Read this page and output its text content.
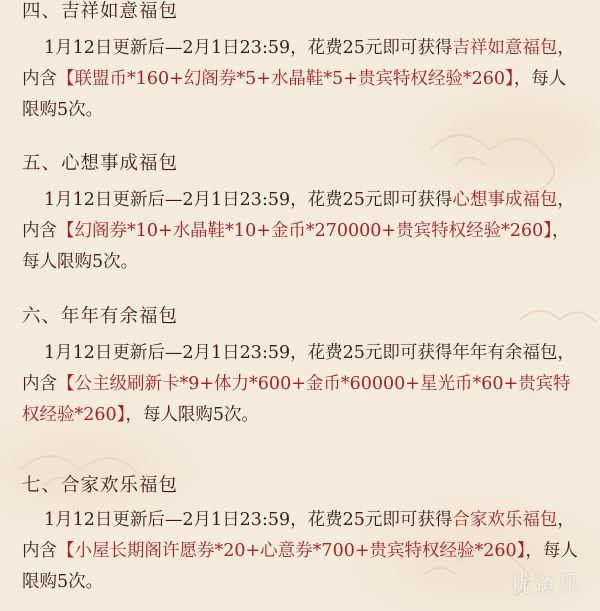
四、吉祥如意福包
1月12日更新后—2月1日23:59，花费25元即可获得吉祥如意福包，内含【联盟币*160+幻阁券*5+水晶鞋*5+贵宾特权经验*260】，每人限购5次。
五、心想事成福包
1月12日更新后—2月1日23:59，花费25元即可获得心想事成福包，内含【幻阁券*10+水晶鞋*10+金币*270000+贵宾特权经验*260】，每人限购5次。
六、年年有余福包
1月12日更新后—2月1日23:59，花费25元即可获得年年有余福包，内含【公主级刷新卡*9+体力*600+金币*60000+星光币*60+贵宾特权经验*260】，每人限购5次。
七、合家欢乐福包
1月12日更新后—2月1日23:59，花费25元即可获得合家欢乐福包，内含【小屋长期阁许愿券*20+心意券*700+贵宾特权经验*260】，每人限购5次。	优资乐
